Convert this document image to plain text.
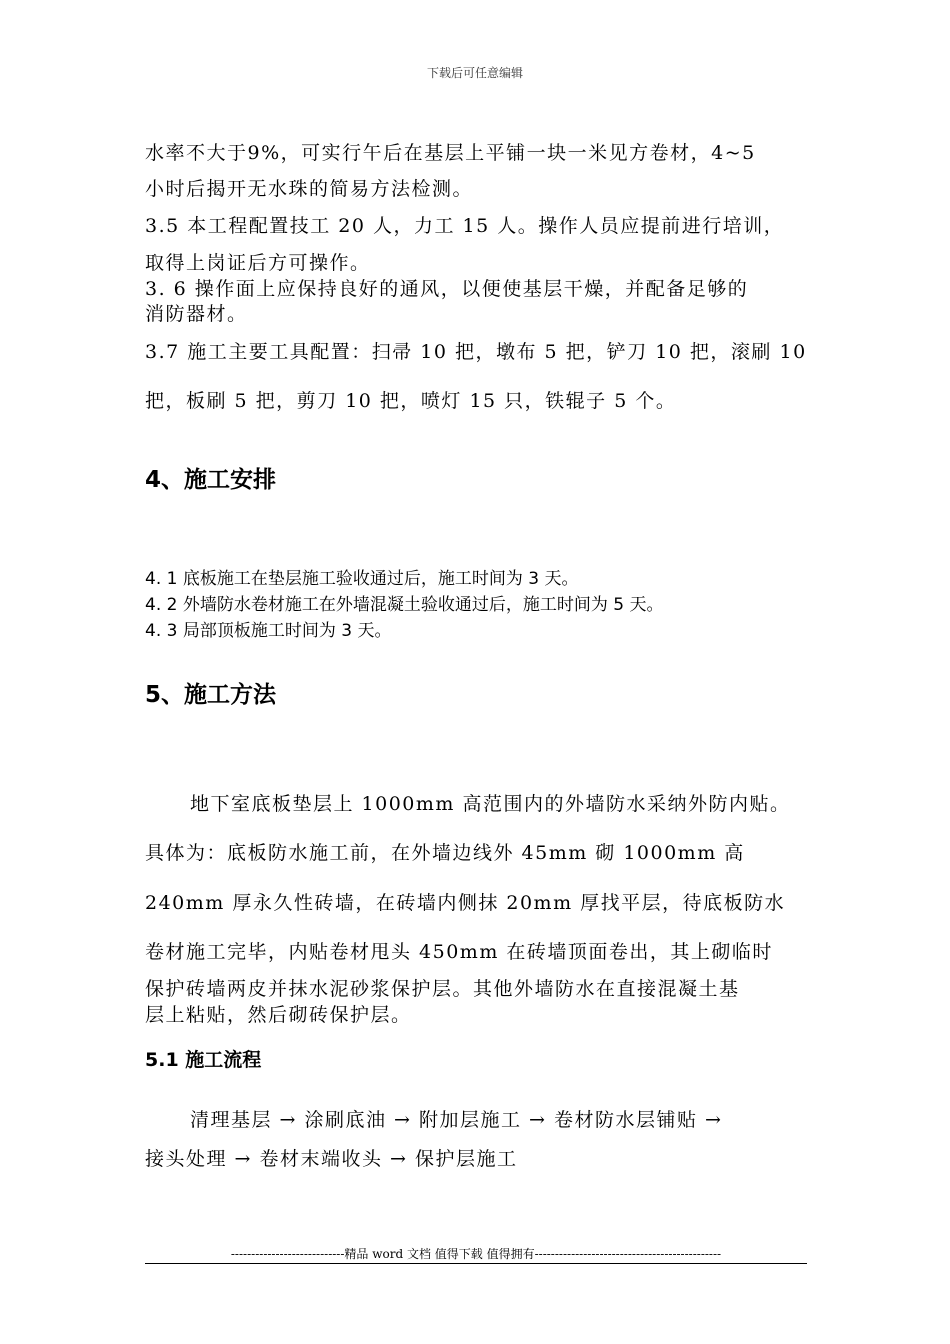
下载后可任意编辑
水率不大于9%，可实行午后在基层上平铺一块一米见方卷材，4~5
小时后揭开无水珠的简易方法检测。
3.5 本工程配置技工 20 人，力工 15 人。操作人员应提前进行培训，
取得上岗证后方可操作。
3. 6 操作面上应保持良好的通风，以便使基层干燥，并配备足够的
消防器材。
3.7 施工主要工具配置：扫帚 10 把，墩布 5 把，铲刀 10 把，滚刷 10
把，板刷 5 把，剪刀 10 把，喷灯 15 只，铁辊子 5 个。
4、施工安排
4. 1 底板施工在垫层施工验收通过后，施工时间为 3 天。
4. 2 外墙防水卷材施工在外墙混凝土验收通过后，施工时间为 5 天。
4. 3 局部顶板施工时间为 3 天。
5、施工方法
地下室底板垫层上 1000mm 高范围内的外墙防水采纳外防内贴。
具体为：底板防水施工前，在外墙边线外 45mm 砌 1000mm 高
240mm 厚永久性砖墙，在砖墙内侧抹 20mm 厚找平层，待底板防水
卷材施工完毕，内贴卷材甩头 450mm 在砖墙顶面卷出，其上砌临时
保护砖墙两皮并抹水泥砂浆保护层。其他外墙防水在直接混凝土基
层上粘贴，然后砌砖保护层。
5.1 施工流程
清理基层 → 涂刷底油 → 附加层施工 → 卷材防水层铺贴 →
接头处理 → 卷材末端收头 → 保护层施工
----------------------------精品 word 文档 值得下载 值得拥有----------------------------------------------
